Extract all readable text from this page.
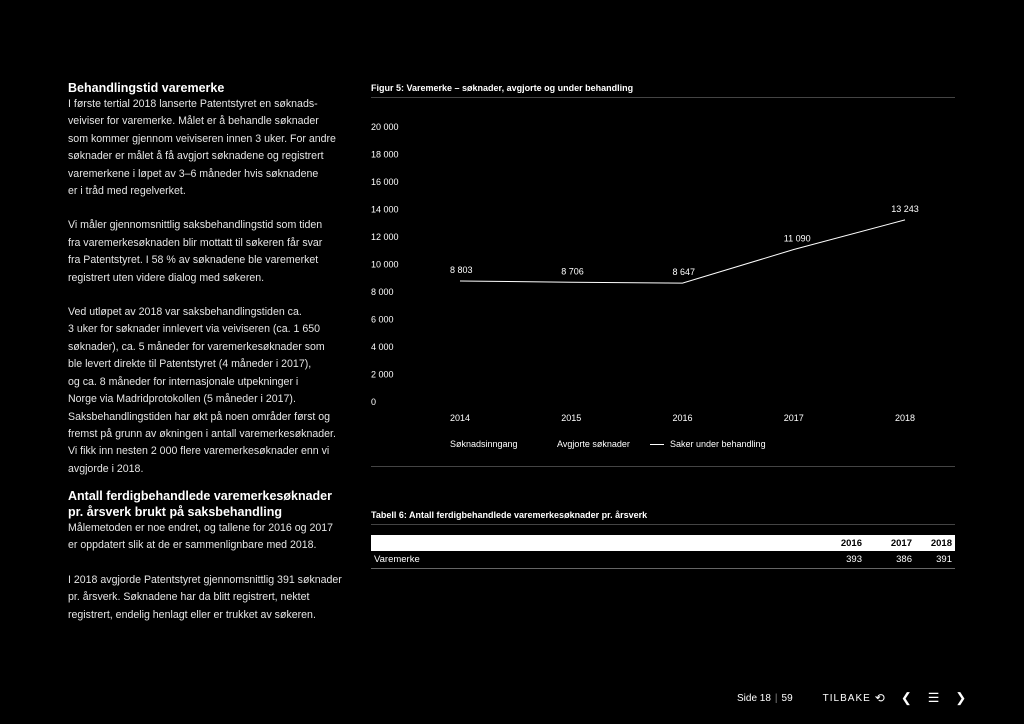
Behandlingstid varemerke
I første tertial 2018 lanserte Patentstyret en søknads-
veiviser for varemerke. Målet er å behandle søknader
som kommer gjennom veiviseren innen 3 uker. For andre
søknader er målet å få avgjort søknadene og registrert
varemerkene i løpet av 3–6 måneder hvis søknadene
er i tråd med regelverket.
Vi måler gjennomsnittlig saksbehandlingstid som tiden
fra varemerkesøknaden blir mottatt til søkeren får svar
fra Patentstyret. I 58 % av søknadene ble varemerket
registrert uten videre dialog med søkeren.
Ved utløpet av 2018 var saksbehandlingstiden ca.
3 uker for søknader innlevert via veiviseren (ca. 1 650
søknader), ca. 5 måneder for varemerkesøknader som
ble levert direkte til Patentstyret (4 måneder i 2017),
og ca. 8 måneder for internasjonale utpekninger i
Norge via Madridprotokollen (5 måneder i 2017).
Saksbehandlingstiden har økt på noen områder først og
fremst på grunn av økningen i antall varemerkesøknader.
Vi fikk inn nesten 2 000 flere varemerkesøknader enn vi
avgjorde i 2018.
Antall ferdigbehandlede varemerkesøknader
pr. årsverk brukt på saksbehandling
Målemetoden er noe endret, og tallene for 2016 og 2017
er oppdatert slik at de er sammenlignbare med 2018.
I 2018 avgjorde Patentstyret gjennomsnittlig 391 søknader
pr. årsverk. Søknadene har da blitt registrert, nektet
registrert, endelig henlagt eller er trukket av søkeren.
Figur 5: Varemerke – søknader, avgjorte og under behandling
20 000
18 000
16 000
14 000
12 000
10 000
8 000
6 000
4 000
2 000
0
2014	2015	2016	2017	2018
8 803	8 706	8 647
11 090
13 243
Søknadsinngang	Avgjorte søknader	Saker under behandling
Tabell 6: Antall ferdigbehandlede varemerkesøknader pr. årsverk
	2016	2017	2018
Varemerke	393	386	391
Side 18 | 59	TILBAKE ⟲ ❮ ☰ ❯
